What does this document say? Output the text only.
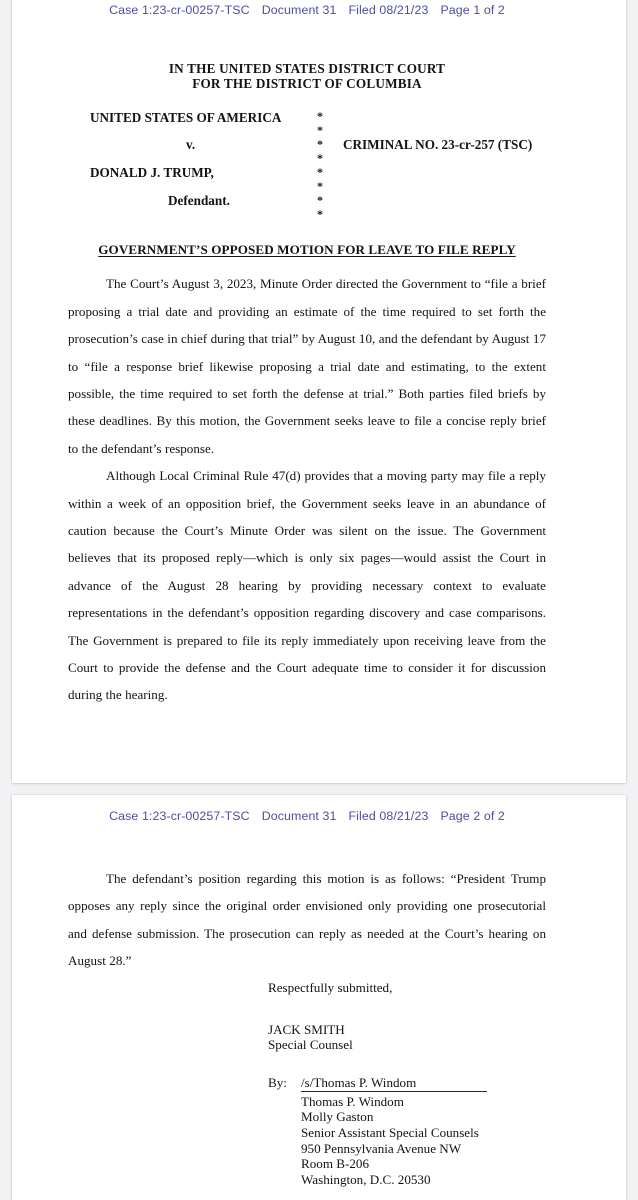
Case 1:23-cr-00257-TSC Document 31 Filed 08/21/23 Page 1 of 2
IN THE UNITED STATES DISTRICT COURT
FOR THE DISTRICT OF COLUMBIA
UNITED STATES OF AMERICA
v.
DONALD J. TRUMP,
Defendant.
*
*
*
*
*
*
*
*
CRIMINAL NO. 23-cr-257 (TSC)
GOVERNMENT’S OPPOSED MOTION FOR LEAVE TO FILE REPLY

The Court’s August 3, 2023, Minute Order directed the Government to “file a brief proposing a trial date and providing an estimate of the time required to set forth the prosecution’s case in chief during that trial” by August 10, and the defendant by August 17 to “file a response brief likewise proposing a trial date and estimating, to the extent possible, the time required to set forth the defense at trial.” Both parties filed briefs by these deadlines. By this motion, the Government seeks leave to file a concise reply brief to the defendant’s response.

Although Local Criminal Rule 47(d) provides that a moving party may file a reply within a week of an opposition brief, the Government seeks leave in an abundance of caution because the Court’s Minute Order was silent on the issue. The Government believes that its proposed reply—which is only six pages—would assist the Court in advance of the August 28 hearing by providing necessary context to evaluate representations in the defendant’s opposition regarding discovery and case comparisons. The Government is prepared to file its reply immediately upon receiving leave from the Court to provide the defense and the Court adequate time to consider it for discussion during the hearing.

Case 1:23-cr-00257-TSC Document 31 Filed 08/21/23 Page 2 of 2

The defendant’s position regarding this motion is as follows: “President Trump opposes any reply since the original order envisioned only providing one prosecutorial and defense submission. The prosecution can reply as needed at the Court’s hearing on August 28.”

Respectfully submitted,
JACK SMITH
Special Counsel
By: /s/Thomas P. Windom
Thomas P. Windom
Molly Gaston
Senior Assistant Special Counsels
950 Pennsylvania Avenue NW
Room B-206
Washington, D.C. 20530
